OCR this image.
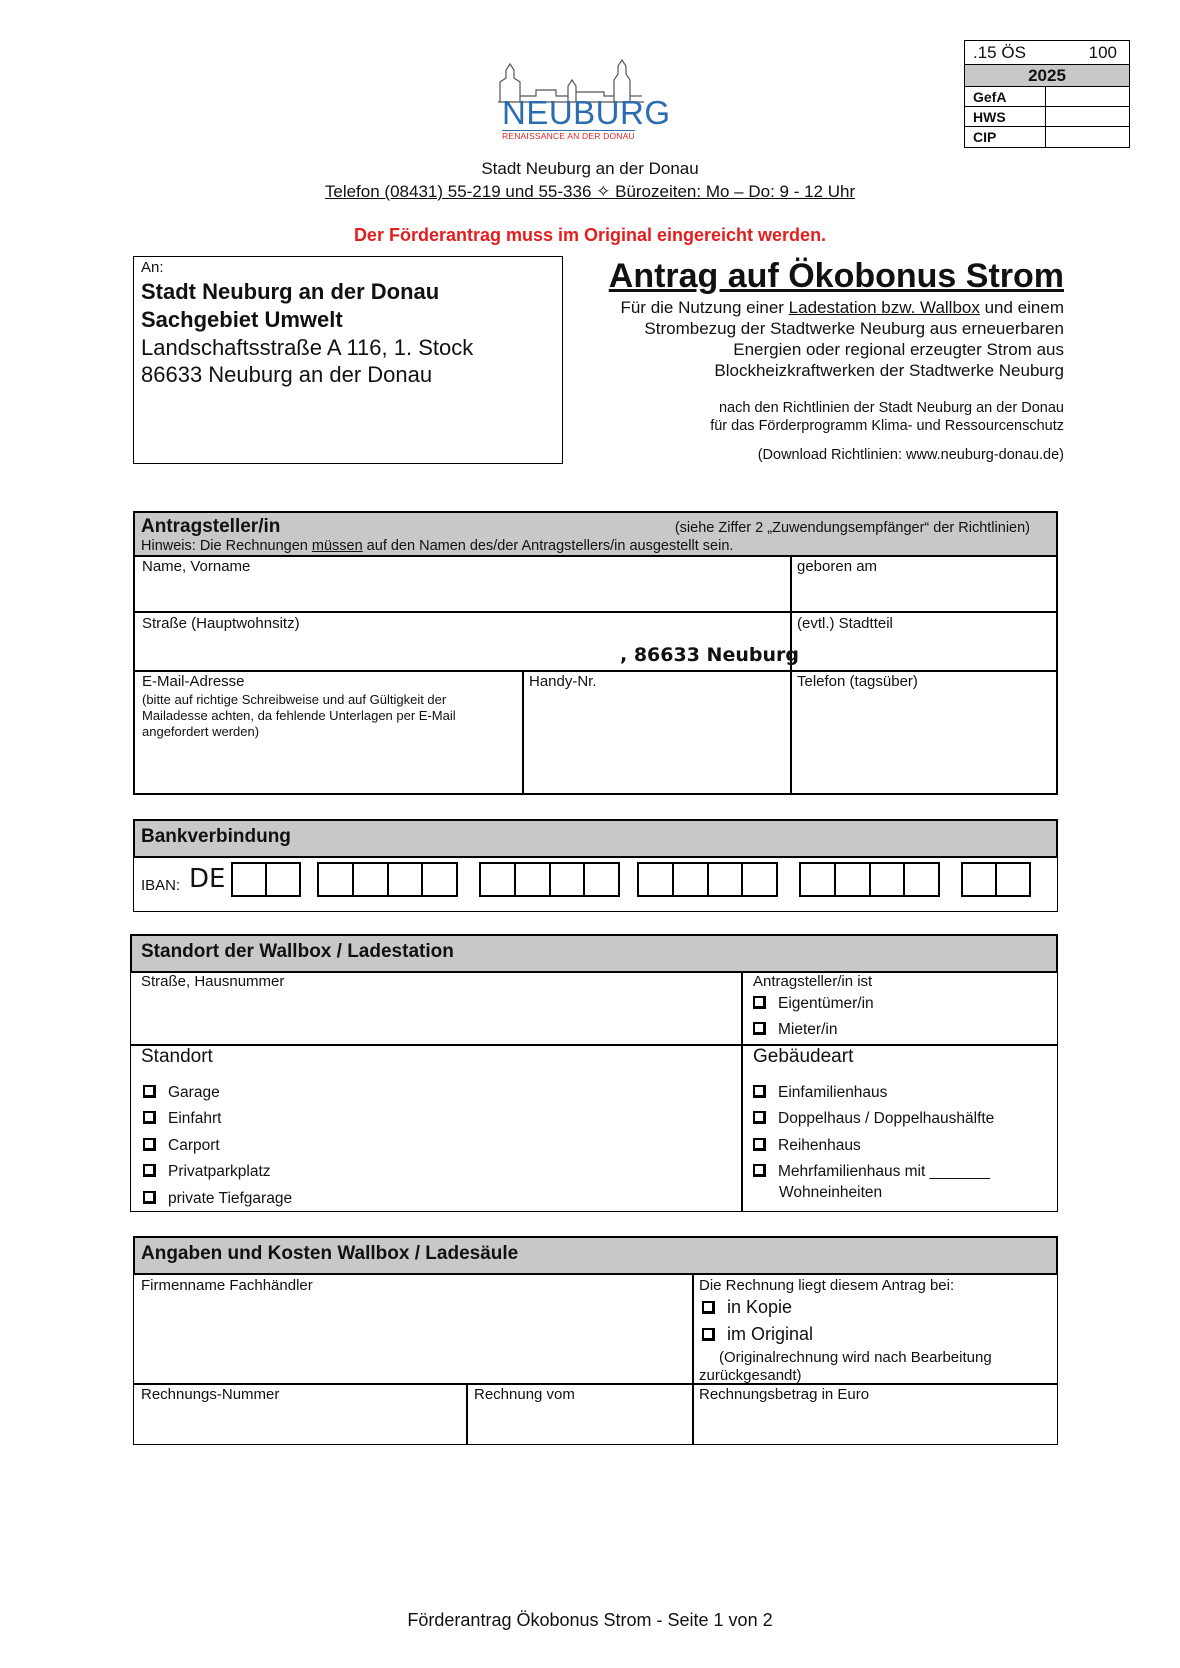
.15 ÖS	100
2025
GefA
HWS
CIP
NEUBURG
RENAISSANCE AN DER DONAU
Stadt Neuburg an der Donau
Telefon (08431) 55-219 und 55-336 ✧ Bürozeiten: Mo – Do: 9 - 12 Uhr
Der Förderantrag muss im Original eingereicht werden.
An:
Stadt Neuburg an der Donau
Sachgebiet Umwelt
Landschaftsstraße A 116, 1. Stock
86633 Neuburg an der Donau
Antrag auf Ökobonus Strom
Für die Nutzung einer Ladestation bzw. Wallbox und einem
Strombezug der Stadtwerke Neuburg aus erneuerbaren
Energien oder regional erzeugter Strom aus
Blockheizkraftwerken der Stadtwerke Neuburg
nach den Richtlinien der Stadt Neuburg an der Donau
für das Förderprogramm Klima- und Ressourcenschutz
(Download Richtlinien: www.neuburg-donau.de)
Antragsteller/in	(siehe Ziffer 2 „Zuwendungsempfänger“ der Richtlinien)
Hinweis: Die Rechnungen müssen auf den Namen des/der Antragstellers/in ausgestellt sein.
Name, Vorname	geboren am
Straße (Hauptwohnsitz)
, 86633 Neuburg
(evtl.) Stadtteil
E-Mail-Adresse
(bitte auf richtige Schreibweise und auf Gültigkeit der Mailadesse achten, da fehlende Unterlagen per E-Mail angefordert werden)
Handy-Nr.	Telefon (tagsüber)
Bankverbindung
IBAN: DE
Standort der Wallbox / Ladestation
Straße, Hausnummer	Antragsteller/in ist
Eigentümer/in
Mieter/in
Standort
Garage
Einfahrt
Carport
Privatparkplatz
private Tiefgarage
Gebäudeart
Einfamilienhaus
Doppelhaus / Doppelhaushälfte
Reihenhaus
Mehrfamilienhaus mit _______
Wohneinheiten
Angaben und Kosten Wallbox / Ladesäule
Firmenname Fachhändler	Die Rechnung liegt diesem Antrag bei:
in Kopie
im Original
(Originalrechnung wird nach Bearbeitung zurückgesandt)
Rechnungs-Nummer	Rechnung vom	Rechnungsbetrag in Euro
Förderantrag Ökobonus Strom - Seite 1 von 2
